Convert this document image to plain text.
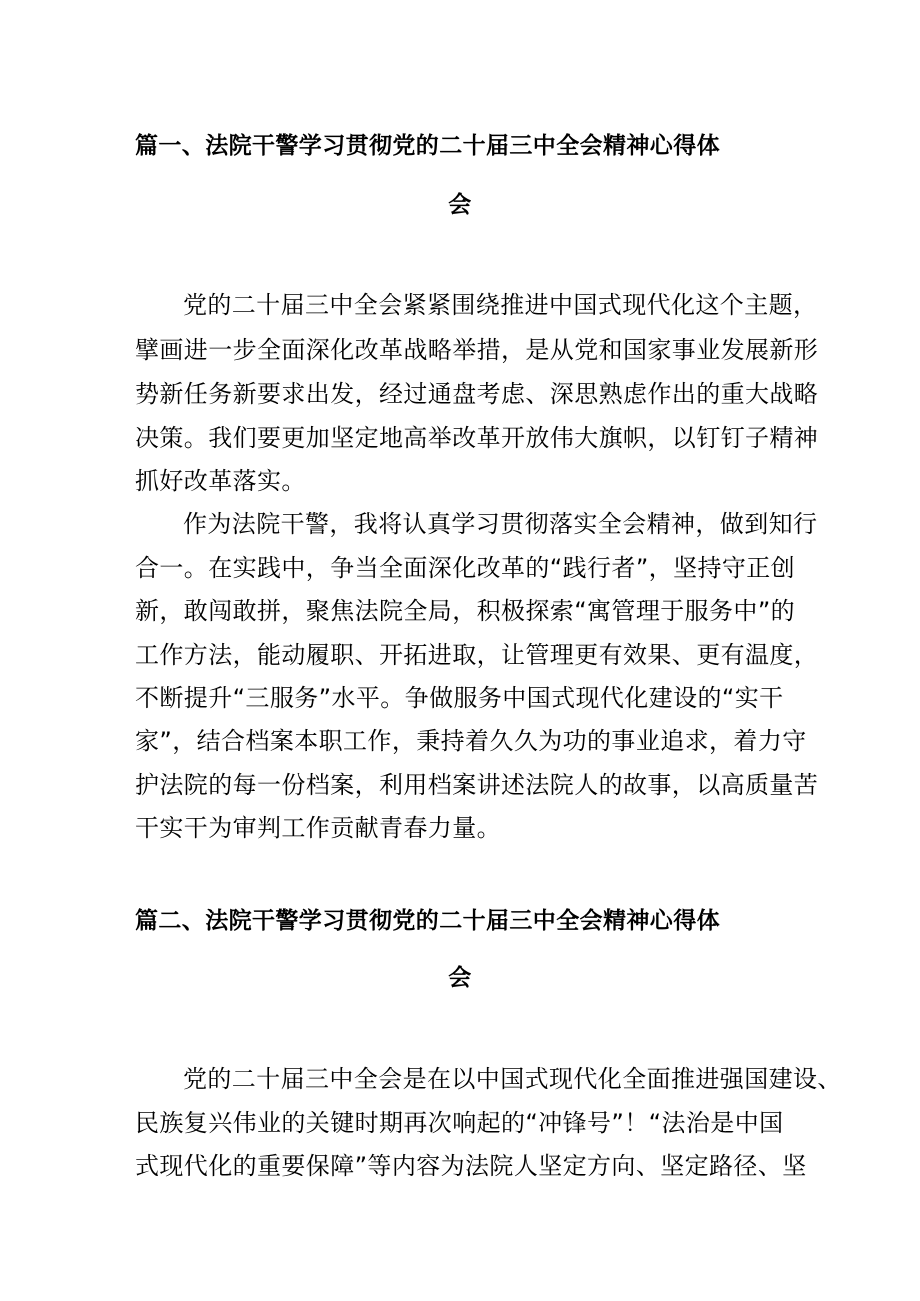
篇一、法院干警学习贯彻党的二十届三中全会精神心得体
会
党的二十届三中全会紧紧围绕推进中国式现代化这个主题，
擘画进一步全面深化改革战略举措，是从党和国家事业发展新形
势新任务新要求出发，经过通盘考虑、深思熟虑作出的重大战略
决策。我们要更加坚定地高举改革开放伟大旗帜，以钉钉子精神
抓好改革落实。
作为法院干警，我将认真学习贯彻落实全会精神，做到知行
合一。在实践中，争当全面深化改革的“践行者”，坚持守正创
新，敢闯敢拼，聚焦法院全局，积极探索“寓管理于服务中”的
工作方法，能动履职、开拓进取，让管理更有效果、更有温度，
不断提升“三服务”水平。争做服务中国式现代化建设的“实干
家”，结合档案本职工作，秉持着久久为功的事业追求，着力守
护法院的每一份档案，利用档案讲述法院人的故事，以高质量苦
干实干为审判工作贡献青春力量。
篇二、法院干警学习贯彻党的二十届三中全会精神心得体
会
党的二十届三中全会是在以中国式现代化全面推进强国建设、
民族复兴伟业的关键时期再次响起的“冲锋号”！“法治是中国
式现代化的重要保障”等内容为法院人坚定方向、坚定路径、坚
